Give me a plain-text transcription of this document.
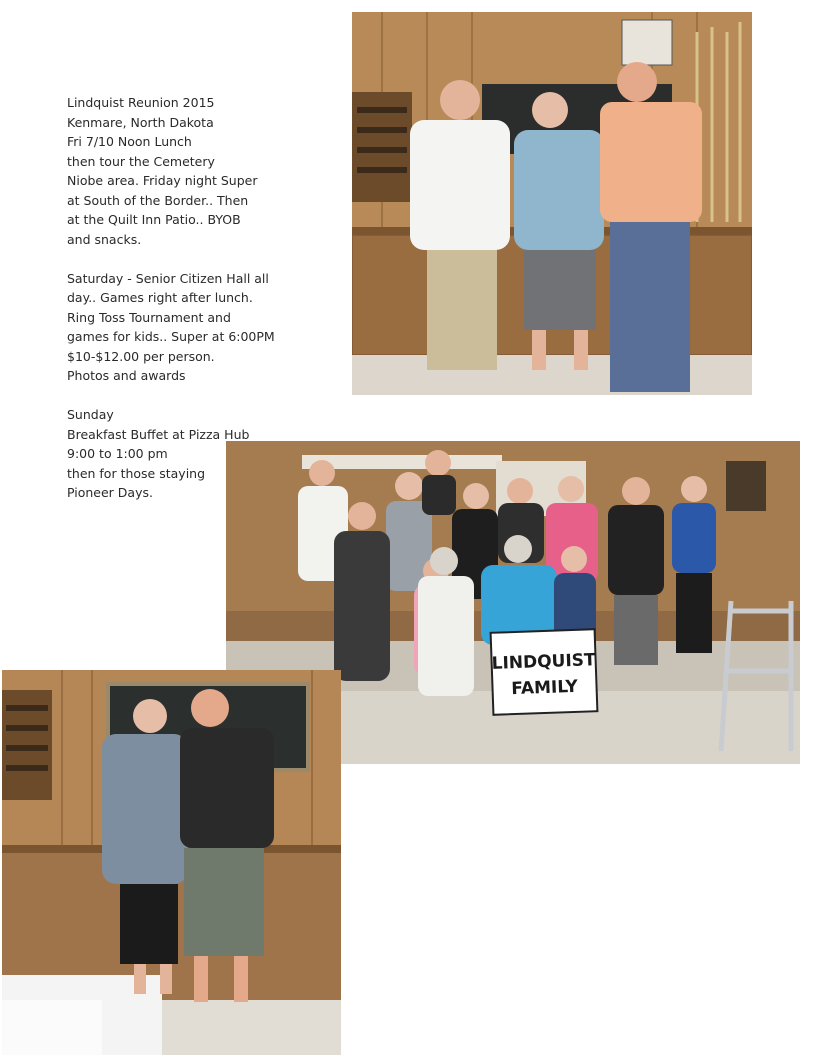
Lindquist Reunion 2015
Kenmare, North Dakota
Fri 7/10 Noon Lunch
then tour the Cemetery
Niobe area. Friday night Super
at South of the Border.. Then
at the Quilt Inn Patio.. BYOB
and snacks.
Saturday - Senior Citizen Hall all
day.. Games right after lunch.
Ring Toss Tournament and
games for kids.. Super at 6:00PM
$10-$12.00 per person.
Photos and awards
Sunday
Breakfast Buffet at Pizza Hub
9:00 to 1:00 pm
then for those staying
Pioneer Days.
LINDQUIST
FAMILY
